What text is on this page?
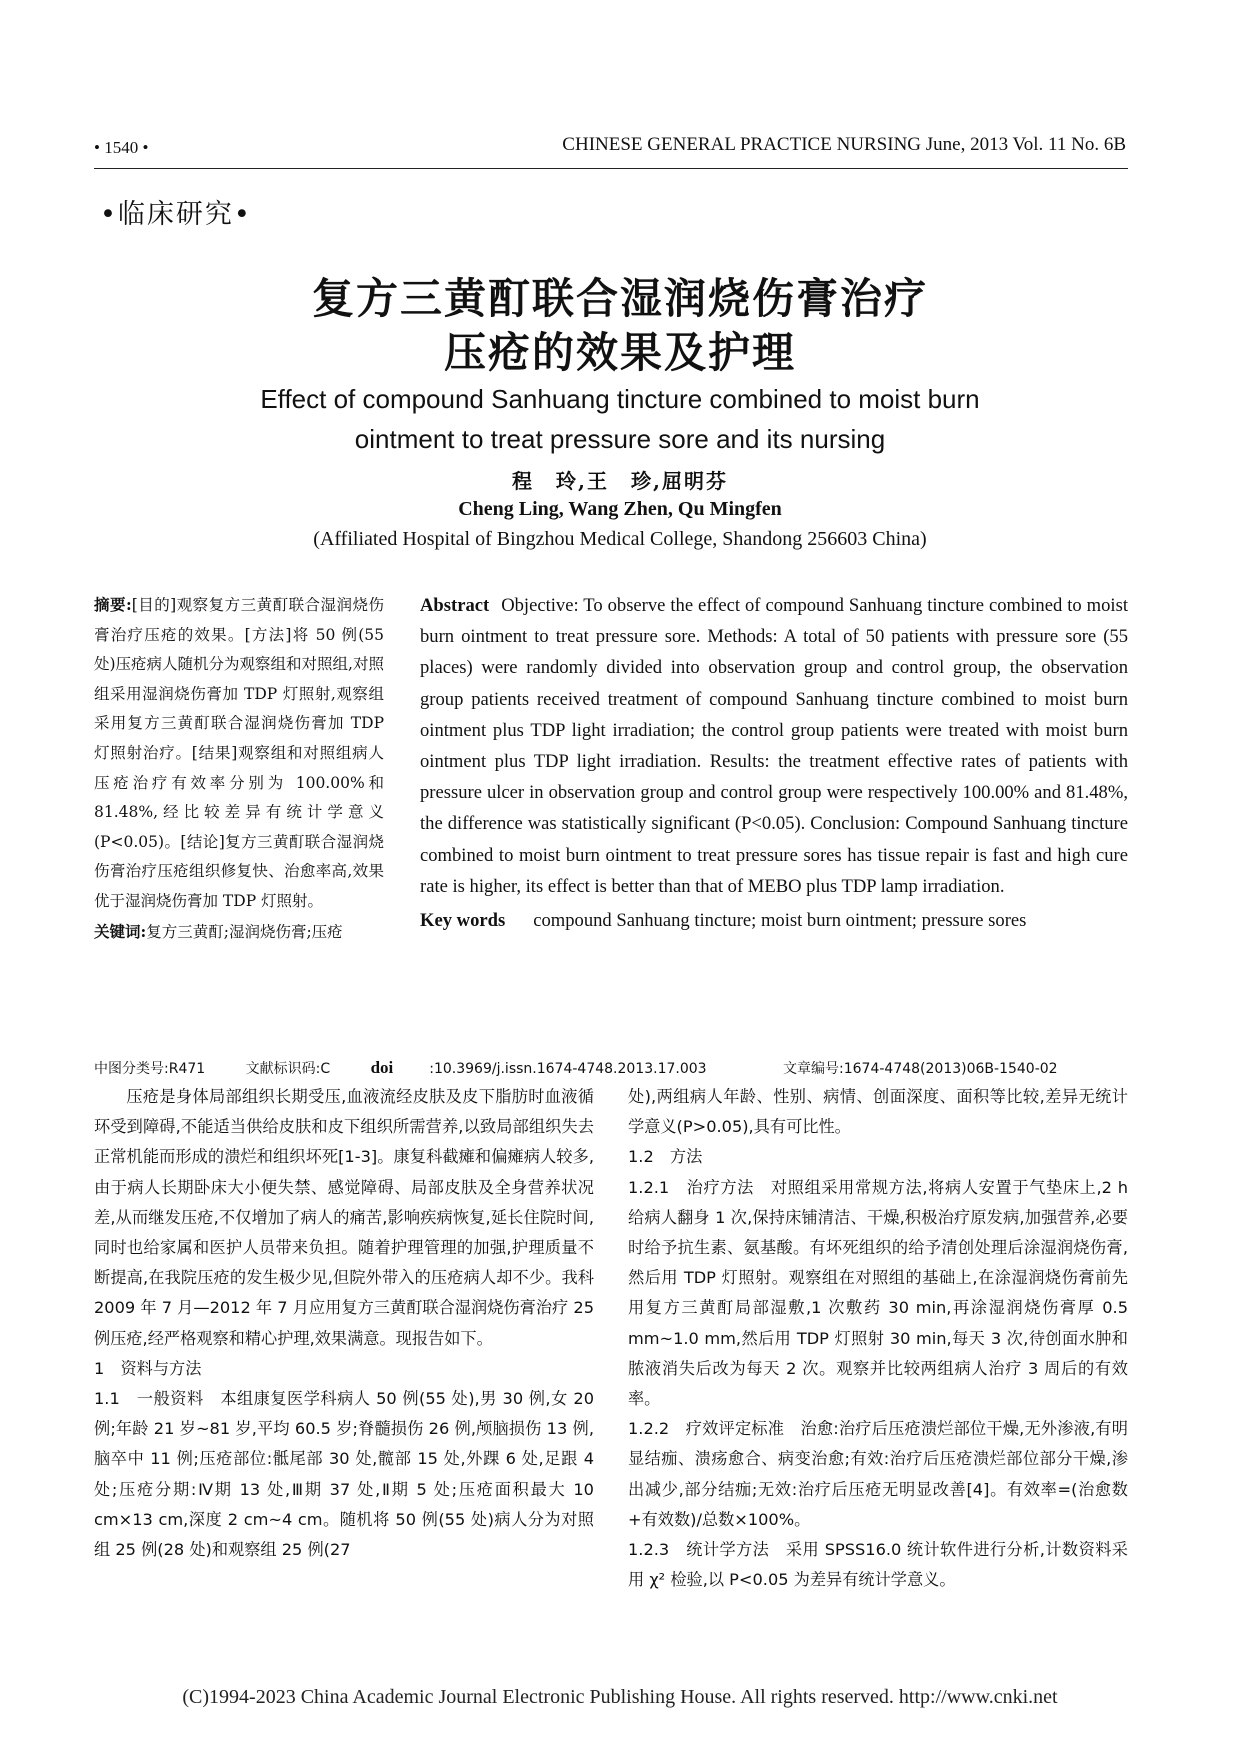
• 1540 •	CHINESE GENERAL PRACTICE NURSING June, 2013 Vol. 11 No. 6B
•临床研究•
复方三黄酊联合湿润烧伤膏治疗
压疮的效果及护理
Effect of compound Sanhuang tincture combined to moist burn
ointment to treat pressure sore and its nursing
程　玲,王　珍,屈明芬
Cheng Ling, Wang Zhen, Qu Mingfen
(Affiliated Hospital of Bingzhou Medical College, Shandong 256603 China)
摘要:[目的]观察复方三黄酊联合湿润烧伤膏治疗压疮的效果。[方法]将 50 例(55 处)压疮病人随机分为观察组和对照组,对照组采用湿润烧伤膏加 TDP 灯照射,观察组采用复方三黄酊联合湿润烧伤膏加 TDP 灯照射治疗。[结果]观察组和对照组病人压疮治疗有效率分别为 100.00%和 81.48%,经比较差异有统计学意义(P<0.05)。[结论]复方三黄酊联合湿润烧伤膏治疗压疮组织修复快、治愈率高,效果优于湿润烧伤膏加 TDP 灯照射。
关键词:复方三黄酊;湿润烧伤膏;压疮
Abstract Objective: To observe the effect of compound Sanhuang tincture combined to moist burn ointment to treat pressure sore. Methods: A total of 50 patients with pressure sore (55 places) were randomly divided into observation group and control group, the observation group patients received treatment of compound Sanhuang tincture combined to moist burn ointment plus TDP light irradiation; the control group patients were treated with moist burn ointment plus TDP light irradiation. Results: the treatment effective rates of patients with pressure ulcer in observation group and control group were respectively 100.00% and 81.48%, the difference was statistically significant (P<0.05). Conclusion: Compound Sanhuang tincture combined to moist burn ointment to treat pressure sores has tissue repair is fast and high cure rate is higher, its effect is better than that of MEBO plus TDP lamp irradiation.
Key words compound Sanhuang tincture; moist burn ointment; pressure sores
中图分类号:R471	文献标识码:C doi	:10.3969/j.issn.1674-4748.2013.17.003	文章编号:1674-4748(2013)06B-1540-02

压疮是身体局部组织长期受压,血液流经皮肤及皮下脂肪时血液循环受到障碍,不能适当供给皮肤和皮下组织所需营养,以致局部组织失去正常机能而形成的溃烂和组织坏死[1-3]。康复科截瘫和偏瘫病人较多,由于病人长期卧床大小便失禁、感觉障碍、局部皮肤及全身营养状况差,从而继发压疮,不仅增加了病人的痛苦,影响疾病恢复,延长住院时间,同时也给家属和医护人员带来负担。随着护理管理的加强,护理质量不断提高,在我院压疮的发生极少见,但院外带入的压疮病人却不少。我科 2009 年 7 月—2012 年 7 月应用复方三黄酊联合湿润烧伤膏治疗 25 例压疮,经严格观察和精心护理,效果满意。现报告如下。

1　资料与方法

1.1　一般资料　本组康复医学科病人 50 例(55 处),男 30 例,女 20 例;年龄 21 岁~81 岁,平均 60.5 岁;脊髓损伤 26 例,颅脑损伤 13 例,脑卒中 11 例;压疮部位:骶尾部 30 处,髋部 15 处,外踝 6 处,足跟 4 处;压疮分期:Ⅳ期 13 处,Ⅲ期 37 处,Ⅱ期 5 处;压疮面积最大 10 cm×13 cm,深度 2 cm~4 cm。随机将 50 例(55 处)病人分为对照组 25 例(28 处)和观察组 25 例(27

处),两组病人年龄、性别、病情、创面深度、面积等比较,差异无统计学意义(P>0.05),具有可比性。

1.2　方法

1.2.1　治疗方法　对照组采用常规方法,将病人安置于气垫床上,2 h 给病人翻身 1 次,保持床铺清洁、干燥,积极治疗原发病,加强营养,必要时给予抗生素、氨基酸。有坏死组织的给予清创处理后涂湿润烧伤膏,然后用 TDP 灯照射。观察组在对照组的基础上,在涂湿润烧伤膏前先用复方三黄酊局部湿敷,1 次敷药 30 min,再涂湿润烧伤膏厚 0.5 mm~1.0 mm,然后用 TDP 灯照射 30 min,每天 3 次,待创面水肿和脓液消失后改为每天 2 次。观察并比较两组病人治疗 3 周后的有效率。

1.2.2　疗效评定标准　治愈:治疗后压疮溃烂部位干燥,无外渗液,有明显结痂、溃疡愈合、病变治愈;有效:治疗后压疮溃烂部位部分干燥,渗出减少,部分结痂;无效:治疗后压疮无明显改善[4]。有效率=(治愈数+有效数)/总数×100%。

1.2.3　统计学方法　采用 SPSS16.0 统计软件进行分析,计数资料采用 χ² 检验,以 P<0.05 为差异有统计学意义。

(C)1994-2023 China Academic Journal Electronic Publishing House. All rights reserved. http://www.cnki.net
